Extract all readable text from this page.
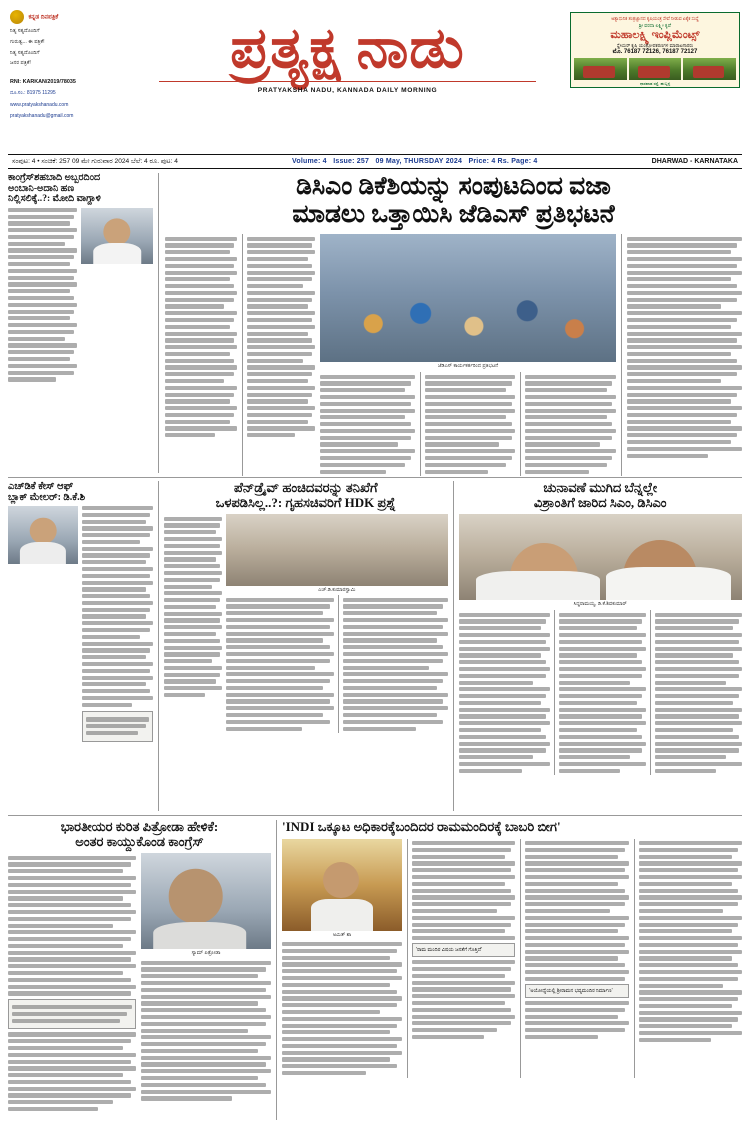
ಕನ್ನಡ ದಿನಪತ್ರಿಕೆ
ನಿತ್ಯ ಸತ್ಯದೊಂದಿಗೆ
ಗುರುತ್ವ... ಈ ಪತ್ರಿಕೆ!
ನಿತ್ಯ ಸತ್ಯದೊಂದಿಗೆ
ಜನರ ಪತ್ರಿಕೆ!
RNI: KARKAN/2019/78035
ದೂ.ಸಂ.: 81975 11295
www.pratyakshanadu.com
pratyakshanadu@gmail.com
ಪ್ರತ್ಯಕ್ಷ ನಾಡು
PRATYAKSHA NADU, KANNADA DAILY MORNING
ಅತ್ಯಾಧುನಿಕ ತಂತ್ರಜ್ಞಾನದ ಕೃಷಿಯಂತ್ರ ಸೇವೆ ನೀಡುವ ಏಕೈಕ ಸಂಸ್ಥೆ
ಶ್ರೀ ವರದಾ ಲಕ್ಷ್ಮೀ ಕೃಪೆ
ಮಹಾಲಕ್ಷ್ಮಿ ಇಂಪ್ಲಿಮೆಂಟ್ಸ್
ಸ್ಪ್ರೇಯರ್ ಕೃಷಿ ಯಂತ್ರೋಪಕರಣಗಳ ಮಾರಾಟಗಾರರು
ಮೊ. 76187 72126, 76187 72127
ಧಾರವಾಡ ರಸ್ತೆ, ಹುಬ್ಬಳ್ಳಿ
ಸಂಪುಟ: 4 • ಸಂಚಿಕೆ: 257 09 ಮೇ ಗುರುವಾರ 2024 ಬೆಲೆ: 4 ರೂ. ಪುಟ: 4	Volume: 4 Issue: 257 09 May, THURSDAY 2024 Price: 4 Rs. Page: 4	DHARWAD - KARNATAKA
ಕಾಂಗ್ರೆಸ್‌ಶಹಬಾದಿ ಅಬ್ಬರದಿಂದ
ಅಂಬಾನಿ-ಅದಾನಿ ಹಣ
ನಿಲ್ಲಿಸಲಿಕ್ಕೆ..?: ಮೋದಿ ವಾಗ್ದಾಳಿ	ಡಿಸಿಎಂ ಡಿಕೆಶಿಯನ್ನು ಸಂಪುಟದಿಂದ ವಜಾ
ಮಾಡಲು ಒತ್ತಾಯಿಸಿ ಜೆಡಿಎಸ್ ಪ್ರತಿಭಟನೆ
ಜೆಡಿಎಸ್ ಕಾರ್ಯಕರ್ತರಿಂದ ಪ್ರತಿಭಟನೆ
ಎಚ್‌ಡಿಕೆ ಕೇಸ್ ಆಫ್
ಬ್ಲಾಕ್ ಮೇಲರ್: ಡಿ.ಕೆ.ಶಿ
ಪೆನ್‌ಡ್ರೈವ್ ಹಂಚಿದವರನ್ನು ತನಿಖೆಗೆ
ಒಳಪಡಿಸಿಲ್ಲ..?: ಗೃಹಸಚಿವರಿಗೆ HDK ಪ್ರಶ್ನೆ
ಎಚ್.ಡಿ.ಕುಮಾರಸ್ವಾಮಿ
ಚುನಾವಣೆ ಮುಗಿದ ಬೆನ್ನಲ್ಲೇ
ವಿಶ್ರಾಂತಿಗೆ ಜಾರಿದ ಸಿಎಂ, ಡಿಸಿಎಂ
ಸಿದ್ದರಾಮಯ್ಯ, ಡಿ.ಕೆ.ಶಿವಕುಮಾರ್
ಭಾರತೀಯರ ಕುರಿತ ಪಿತ್ರೋಡಾ ಹೇಳಿಕೆ:
ಅಂತರ ಕಾಯ್ದುಕೊಂಡ ಕಾಂಗ್ರೆಸ್
ಸ್ಯಾಮ್ ಪಿತ್ರೋಡಾ
'INDI ಒಕ್ಕೂಟ ಅಧಿಕಾರಕ್ಕೆಬಂದಿದರ ರಾಮಮಂದಿರಕ್ಕೆ ಬಾಬರಿ ಬೀಗ'
ಅಮಿತ್ ಶಾ
'ರಾಮ ಮಂದಿರ ವಿಷಯ ಜನತೆಗೆ ಗೊತ್ತಿದೆ'
'ಅಯೋಧ್ಯೆಯಲ್ಲಿ ಶ್ರೀರಾಮನ ಭವ್ಯಮಂದಿರ ನಿರ್ಮಾಣ'
